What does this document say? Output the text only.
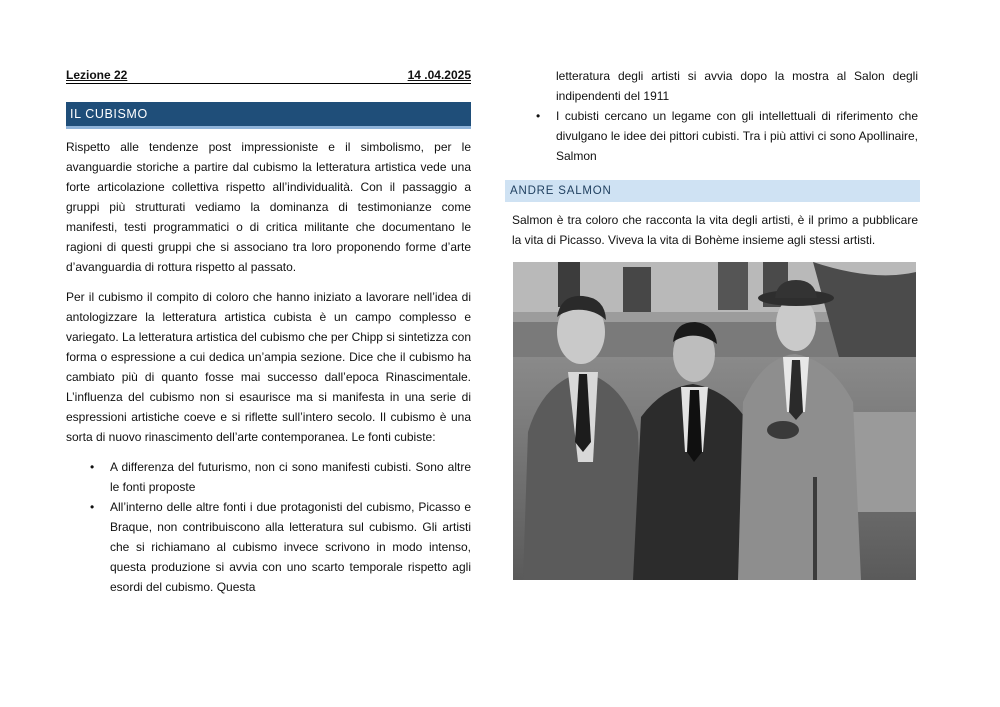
Lezione 22	14 .04.2025
IL CUBISMO

Rispetto alle tendenze post impressioniste e il simbolismo, per le avanguardie storiche a partire dal cubismo la letteratura artistica vede una forte articolazione collettiva rispetto all’individualità. Con il passaggio a gruppi più strutturati vediamo la dominanza di testimonianze come manifesti, testi programmatici o di critica militante che documentano le ragioni di questi gruppi che si associano tra loro proponendo forme d’arte d’avanguardia di rottura rispetto al passato.

Per il cubismo il compito di coloro che hanno iniziato a lavorare nell’idea di antologizzare la letteratura artistica cubista è un campo complesso e variegato. La letteratura artistica del cubismo che per Chipp si sintetizza con forma o espressione a cui dedica un’ampia sezione. Dice che il cubismo ha cambiato più di quanto fosse mai successo dall’epoca Rinascimentale. L’influenza del cubismo non si esaurisce ma si manifesta in una serie di espressioni artistiche coeve e si riflette sull’intero secolo. Il cubismo è una sorta di nuovo rinascimento dell’arte contemporanea. Le fonti cubiste:

• A differenza del futurismo, non ci sono manifesti cubisti. Sono altre le fonti proposte
• All’interno delle altre fonti i due protagonisti del cubismo, Picasso e Braque, non contribuiscono alla letteratura sul cubismo. Gli artisti che si richiamano al cubismo invece scrivono in modo intenso, questa produzione si avvia con uno scarto temporale rispetto agli esordi del cubismo. Questa
letteratura degli artisti si avvia dopo la mostra al Salon degli indipendenti del 1911
• I cubisti cercano un legame con gli intellettuali di riferimento che divulgano le idee dei pittori cubisti. Tra i più attivi ci sono Apollinaire, Salmon
ANDRE SALMON

Salmon è tra coloro che racconta la vita degli artisti, è il primo a pubblicare la vita di Picasso. Viveva la vita di Bohème insieme agli stessi artisti.
